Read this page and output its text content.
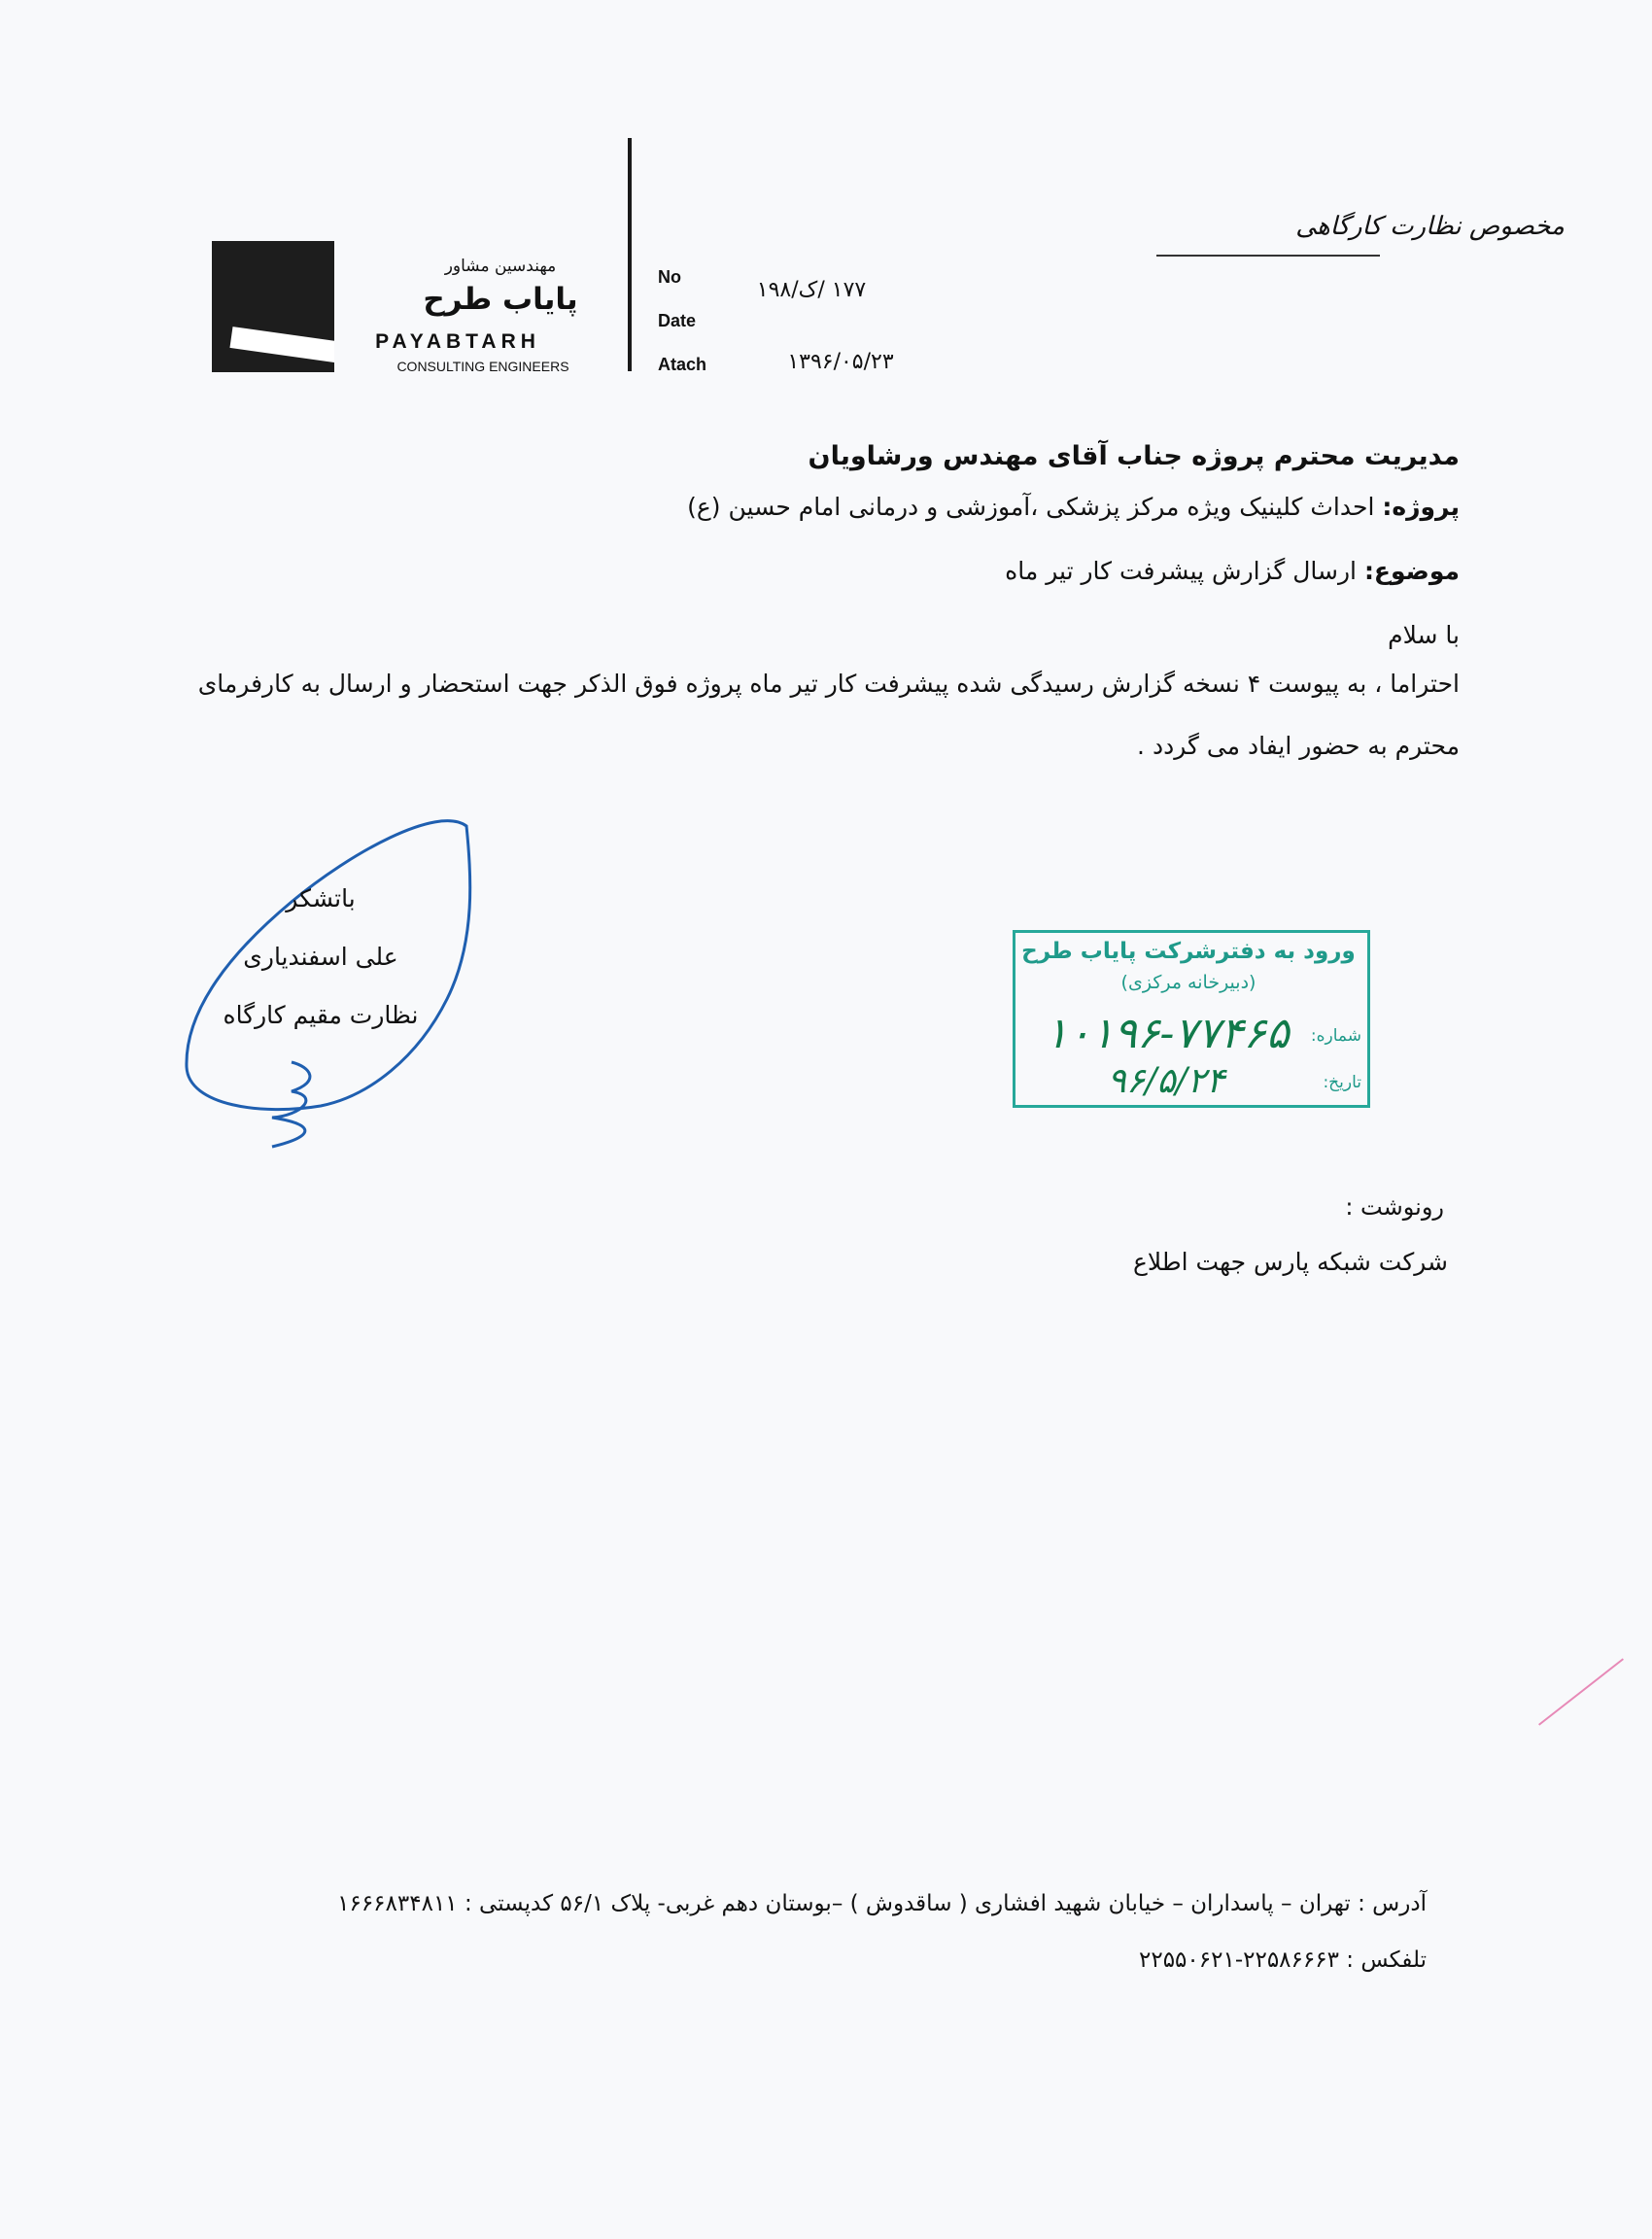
مهندسین مشاور
پایاب طرح
PAYABTARH
CONSULTING ENGINEERS
No
Date
Atach
۱۷۷ /ک/۱۹۸
۱۳۹۶/۰۵/۲۳
مخصوص نظارت کارگاهی
مدیریت محترم پروژه جناب آقای مهندس ورشاویان
پروژه: احداث کلینیک ویژه مرکز پزشکی ،آموزشی و درمانی امام حسین (ع)
موضوع: ارسال گزارش پیشرفت کار تیر ماه
با سلام
احتراما ، به پیوست ۴ نسخه گزارش رسیدگی شده پیشرفت کار تیر ماه پروژه فوق الذکر جهت استحضار و ارسال به کارفرمای
محترم به حضور ایفاد می گردد .
باتشکر
علی اسفندیاری
نظارت مقیم کارگاه
ورود به دفترشرکت پایاب طرح
(دبیرخانه مرکزی)
شماره:
تاریخ:
۱۰۱۹۶-۷۷۴۶۵
۹۶/۵/۲۴
رونوشت :
شرکت شبکه پارس جهت اطلاع
آدرس : تهران – پاسداران – خیابان شهید افشاری ( ساقدوش ) –بوستان دهم غربی- پلاک ۵۶/۱ کدپستی : ۱۶۶۶۸۳۴۸۱۱
تلفکس : ۲۲۵۸۶۶۶۳-۲۲۵۵۰۶۲۱
